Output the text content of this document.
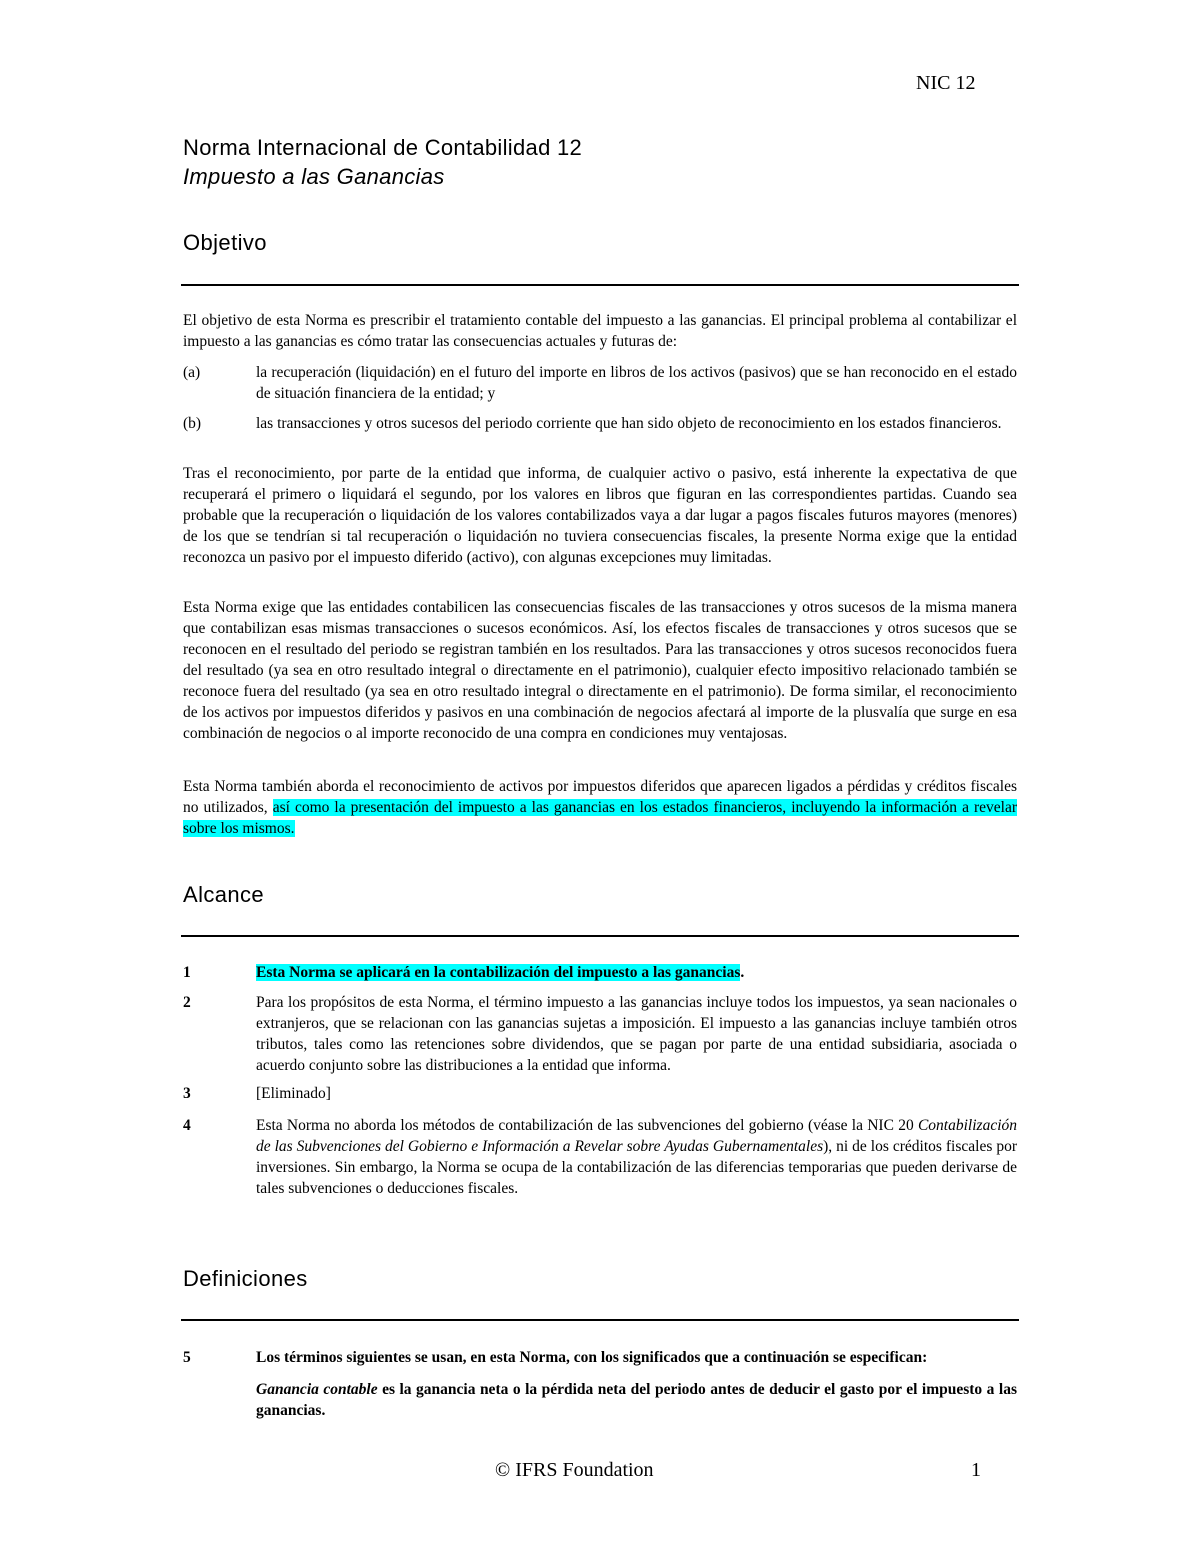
NIC 12
Norma Internacional de Contabilidad 12
Impuesto a las Ganancias
Objetivo
El objetivo de esta Norma es prescribir el tratamiento contable del impuesto a las ganancias. El principal problema al contabilizar el impuesto a las ganancias es cómo tratar las consecuencias actuales y futuras de:
(a)	la recuperación (liquidación) en el futuro del importe en libros de los activos (pasivos) que se han reconocido en el estado de situación financiera de la entidad; y
(b)	las transacciones y otros sucesos del periodo corriente que han sido objeto de reconocimiento en los estados financieros.
Tras el reconocimiento, por parte de la entidad que informa, de cualquier activo o pasivo, está inherente la expectativa de que recuperará el primero o liquidará el segundo, por los valores en libros que figuran en las correspondientes partidas. Cuando sea probable que la recuperación o liquidación de los valores contabilizados vaya a dar lugar a pagos fiscales futuros mayores (menores) de los que se tendrían si tal recuperación o liquidación no tuviera consecuencias fiscales, la presente Norma exige que la entidad reconozca un pasivo por el impuesto diferido (activo), con algunas excepciones muy limitadas.
Esta Norma exige que las entidades contabilicen las consecuencias fiscales de las transacciones y otros sucesos de la misma manera que contabilizan esas mismas transacciones o sucesos económicos. Así, los efectos fiscales de transacciones y otros sucesos que se reconocen en el resultado del periodo se registran también en los resultados. Para las transacciones y otros sucesos reconocidos fuera del resultado (ya sea en otro resultado integral o directamente en el patrimonio), cualquier efecto impositivo relacionado también se reconoce fuera del resultado (ya sea en otro resultado integral o directamente en el patrimonio). De forma similar, el reconocimiento de los activos por impuestos diferidos y pasivos en una combinación de negocios afectará al importe de la plusvalía que surge en esa combinación de negocios o al importe reconocido de una compra en condiciones muy ventajosas.
Esta Norma también aborda el reconocimiento de activos por impuestos diferidos que aparecen ligados a pérdidas y créditos fiscales no utilizados, así como la presentación del impuesto a las ganancias en los estados financieros, incluyendo la información a revelar sobre los mismos.
Alcance
1	Esta Norma se aplicará en la contabilización del impuesto a las ganancias.
2	Para los propósitos de esta Norma, el término impuesto a las ganancias incluye todos los impuestos, ya sean nacionales o extranjeros, que se relacionan con las ganancias sujetas a imposición. El impuesto a las ganancias incluye también otros tributos, tales como las retenciones sobre dividendos, que se pagan por parte de una entidad subsidiaria, asociada o acuerdo conjunto sobre las distribuciones a la entidad que informa.
3	[Eliminado]
4	Esta Norma no aborda los métodos de contabilización de las subvenciones del gobierno (véase la NIC 20 Contabilización de las Subvenciones del Gobierno e Información a Revelar sobre Ayudas Gubernamentales), ni de los créditos fiscales por inversiones. Sin embargo, la Norma se ocupa de la contabilización de las diferencias temporarias que pueden derivarse de tales subvenciones o deducciones fiscales.
Definiciones
5	Los términos siguientes se usan, en esta Norma, con los significados que a continuación se especifican:
Ganancia contable es la ganancia neta o la pérdida neta del periodo antes de deducir el gasto por el impuesto a las ganancias.
© IFRS Foundation	1
